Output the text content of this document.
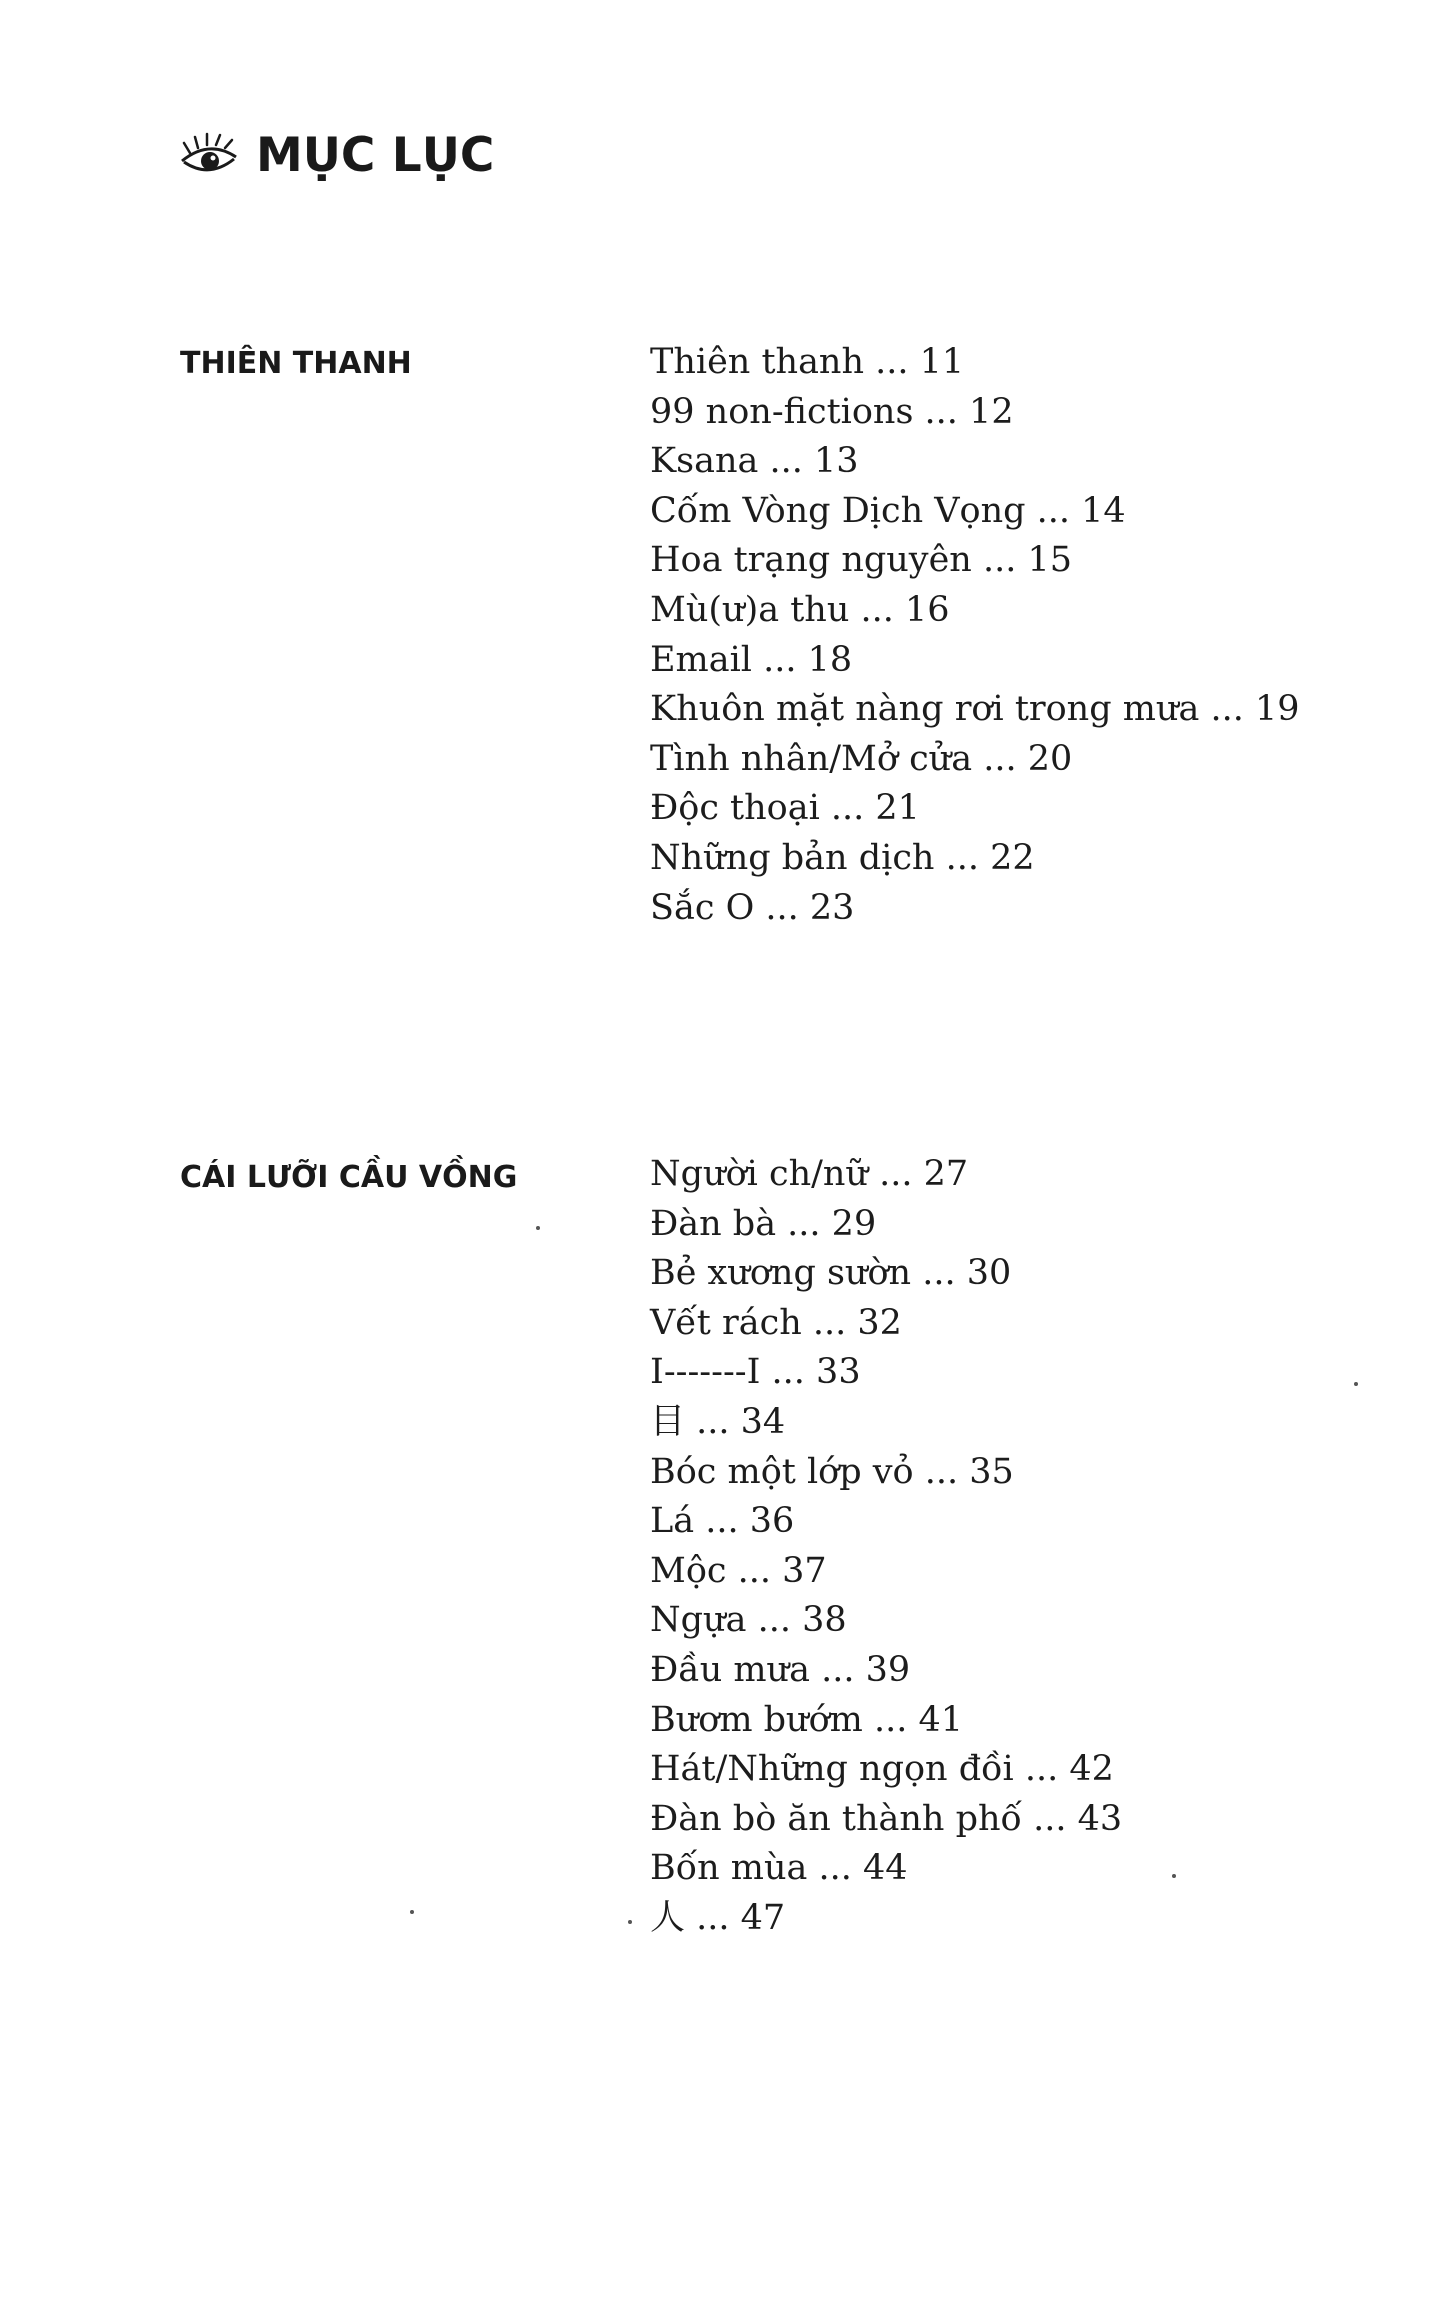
MỤC LỤC
THIÊN THANH	Thiên thanh ... 11
99 non-fictions ... 12
Ksana ... 13
Cốm Vòng Dịch Vọng ... 14
Hoa trạng nguyên ... 15
Mù(ư)a thu ... 16
Email ... 18
Khuôn mặt nàng rơi trong mưa ... 19
Tình nhân/Mở cửa ... 20
Độc thoại ... 21
Những bản dịch ... 22
Sắc O ... 23
CÁI LƯỠI CẦU VỒNG	Người ch/nữ ... 27
Đàn bà ... 29
Bẻ xương sườn ... 30
Vết rách ... 32
I-------I ... 33
目 ... 34
Bóc một lớp vỏ ... 35
Lá ... 36
Mộc ... 37
Ngựa ... 38
Đầu mưa ... 39
Bươm bướm ... 41
Hát/Những ngọn đồi ... 42
Đàn bò ăn thành phố ... 43
Bốn mùa ... 44
人 ... 47
